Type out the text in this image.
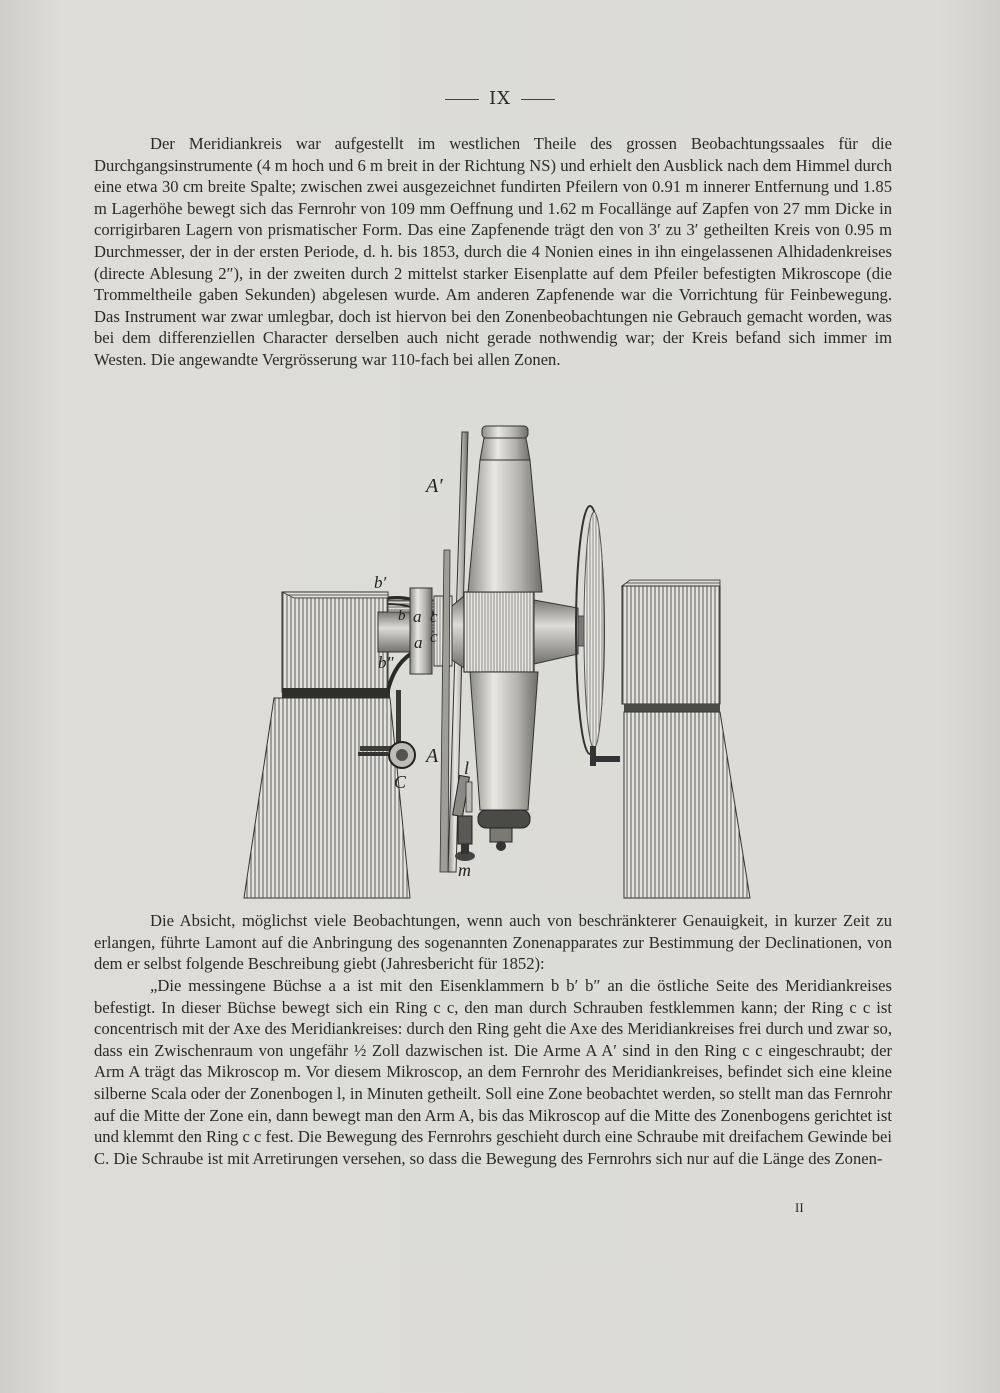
IX

Der Meridiankreis war aufgestellt im westlichen Theile des grossen Beobachtungssaales für die Durchgangsinstrumente (4 m hoch und 6 m breit in der Richtung NS) und erhielt den Ausblick nach dem Himmel durch eine etwa 30 cm breite Spalte; zwischen zwei ausgezeichnet fundirten Pfeilern von 0.91 m innerer Entfernung und 1.85 m Lagerhöhe bewegt sich das Fernrohr von 109 mm Oeffnung und 1.62 m Focallänge auf Zapfen von 27 mm Dicke in corrigirbaren Lagern von prismatischer Form. Das eine Zapfenende trägt den von 3′ zu 3′ getheilten Kreis von 0.95 m Durchmesser, der in der ersten Periode, d. h. bis 1853, durch die 4 Nonien eines in ihn eingelassenen Alhidadenkreises (directe Ablesung 2″), in der zweiten durch 2 mittelst starker Eisenplatte auf dem Pfeiler befestigten Mikroscope (die Trommeltheile gaben Sekunden) abgelesen wurde. Am anderen Zapfenende war die Vorrichtung für Feinbewegung. Das Instrument war zwar umlegbar, doch ist hiervon bei den Zonenbeobachtungen nie Gebrauch gemacht worden, was bei dem differenziellen Character derselben auch nicht gerade nothwendig war; der Kreis befand sich immer im Westen. Die angewandte Vergrösserung war 110-fach bei allen Zonen.

A′
b′
b a c
a c
b″
A
C
l
m

Die Absicht, möglichst viele Beobachtungen, wenn auch von beschränkterer Genauigkeit, in kurzer Zeit zu erlangen, führte Lamont auf die Anbringung des sogenannten Zonenapparates zur Bestimmung der Declinationen, von dem er selbst folgende Beschreibung giebt (Jahresbericht für 1852):

„Die messingene Büchse a a ist mit den Eisenklammern b b′ b″ an die östliche Seite des Meridiankreises befestigt. In dieser Büchse bewegt sich ein Ring c c, den man durch Schrauben festklemmen kann; der Ring c c ist concentrisch mit der Axe des Meridiankreises: durch den Ring geht die Axe des Meridiankreises frei durch und zwar so, dass ein Zwischenraum von ungefähr ½ Zoll dazwischen ist. Die Arme A A′ sind in den Ring c c eingeschraubt; der Arm A trägt das Mikroscop m. Vor diesem Mikroscop, an dem Fernrohr des Meridiankreises, befindet sich eine kleine silberne Scala oder der Zonenbogen l, in Minuten getheilt. Soll eine Zone beobachtet werden, so stellt man das Fernrohr auf die Mitte der Zone ein, dann bewegt man den Arm A, bis das Mikroscop auf die Mitte des Zonenbogens gerichtet ist und klemmt den Ring c c fest. Die Bewegung des Fernrohrs geschieht durch eine Schraube mit dreifachem Gewinde bei C. Die Schraube ist mit Arretirungen versehen, so dass die Bewegung des Fernrohrs sich nur auf die Länge des Zonen-

II
